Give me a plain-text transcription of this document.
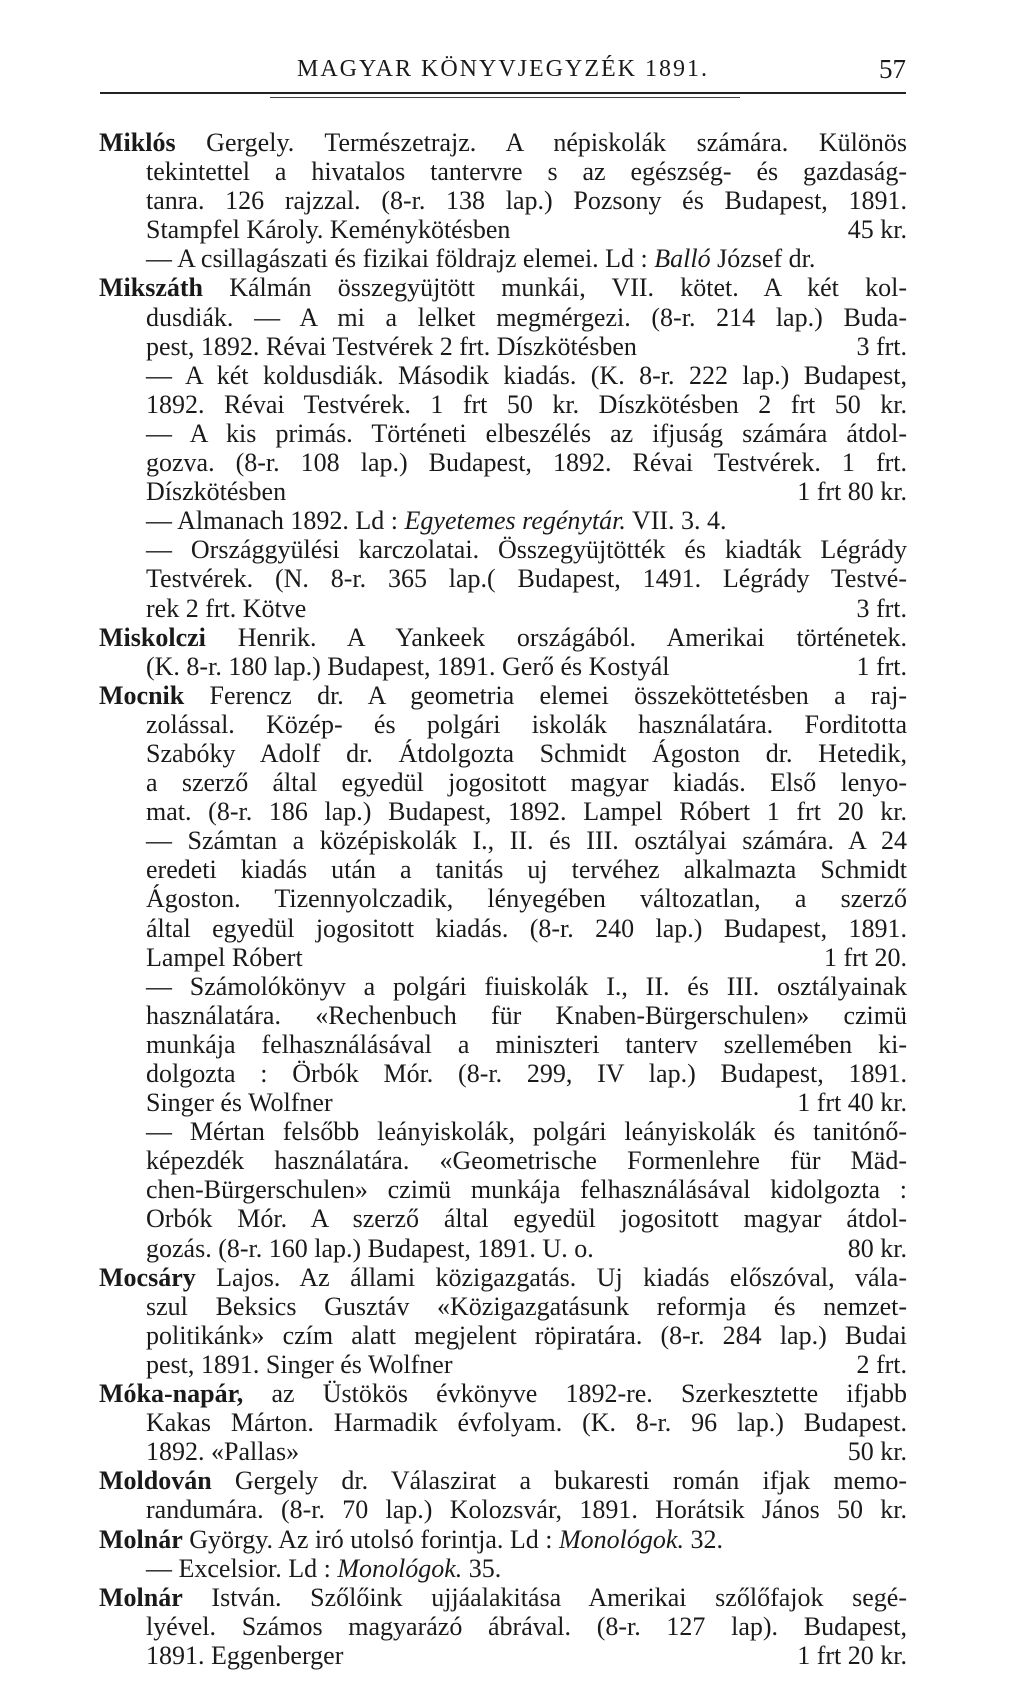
MAGYAR KÖNYVJEGYZÉK 1891.	57
Miklós Gergely. Természetrajz. A népiskolák számára. Különös
tekintettel a hivatalos tantervre s az egészség- és gazdaság-
tanra. 126 rajzzal. (8-r. 138 lap.) Pozsony és Budapest, 1891.
Stampfel Károly. Keménykötésben	45 kr.
— A csillagászati és fizikai földrajz elemei. Ld : Balló József dr.
Mikszáth Kálmán összegyüjtött munkái, VII. kötet. A két kol-
dusdiák. — A mi a lelket megmérgezi. (8-r. 214 lap.) Buda-
pest, 1892. Révai Testvérek 2 frt. Díszkötésben	3 frt.
— A két koldusdiák. Második kiadás. (K. 8-r. 222 lap.) Budapest,
1892. Révai Testvérek. 1 frt 50 kr. Díszkötésben 2 frt 50 kr.
— A kis primás. Történeti elbeszélés az ifjuság számára átdol-
gozva. (8-r. 108 lap.) Budapest, 1892. Révai Testvérek. 1 frt.
Díszkötésben	1 frt 80 kr.
— Almanach 1892. Ld : Egyetemes regénytár. VII. 3. 4.
— Országgyülési karczolatai. Összegyüjtötték és kiadták Légrády
Testvérek. (N. 8-r. 365 lap.( Budapest, 1491. Légrády Testvé-
rek 2 frt. Kötve	3 frt.
Miskolczi Henrik. A Yankeek országából. Amerikai történetek.
(K. 8-r. 180 lap.) Budapest, 1891. Gerő és Kostyál	1 frt.
Mocnik Ferencz dr. A geometria elemei összeköttetésben a raj-
zolással. Közép- és polgári iskolák használatára. Forditotta
Szabóky Adolf dr. Átdolgozta Schmidt Ágoston dr. Hetedik,
a szerző által egyedül jogositott magyar kiadás. Első lenyo-
mat. (8-r. 186 lap.) Budapest, 1892. Lampel Róbert 1 frt 20 kr.
— Számtan a középiskolák I., II. és III. osztályai számára. A 24
eredeti kiadás után a tanitás uj tervéhez alkalmazta Schmidt
Ágoston. Tizennyolczadik, lényegében változatlan, a szerző
által egyedül jogositott kiadás. (8-r. 240 lap.) Budapest, 1891.
Lampel Róbert	1 frt 20.
— Számolókönyv a polgári fiuiskolák I., II. és III. osztályainak
használatára. «Rechenbuch für Knaben-Bürgerschulen» czimü
munkája felhasználásával a miniszteri tanterv szellemében ki-
dolgozta : Örbók Mór. (8-r. 299, IV lap.) Budapest, 1891.
Singer és Wolfner	1 frt 40 kr.
— Mértan felsőbb leányiskolák, polgári leányiskolák és tanitónő-
képezdék használatára. «Geometrische Formenlehre für Mäd-
chen-Bürgerschulen» czimü munkája felhasználásával kidolgozta :
Orbók Mór. A szerző által egyedül jogositott magyar átdol-
gozás. (8-r. 160 lap.) Budapest, 1891. U. o.	80 kr.
Mocsáry Lajos. Az állami közigazgatás. Uj kiadás előszóval, vála-
szul Beksics Gusztáv «Közigazgatásunk reformja és nemzet-
politikánk» czím alatt megjelent röpiratára. (8-r. 284 lap.) Budai
pest, 1891. Singer és Wolfner	2 frt.
Móka-napár, az Üstökös évkönyve 1892-re. Szerkesztette ifjabb
Kakas Márton. Harmadik évfolyam. (K. 8-r. 96 lap.) Budapest.
1892. «Pallas»	50 kr.
Moldován Gergely dr. Válaszirat a bukaresti román ifjak memo-
randumára. (8-r. 70 lap.) Kolozsvár, 1891. Horátsik János 50 kr.
Molnár György. Az iró utolsó forintja. Ld : Monológok. 32.
— Excelsior. Ld : Monológok. 35.
Molnár István. Szőlőink ujjáalakitása Amerikai szőlőfajok segé-
lyével. Számos magyarázó ábrával. (8-r. 127 lap). Budapest,
1891. Eggenberger	1 frt 20 kr.
